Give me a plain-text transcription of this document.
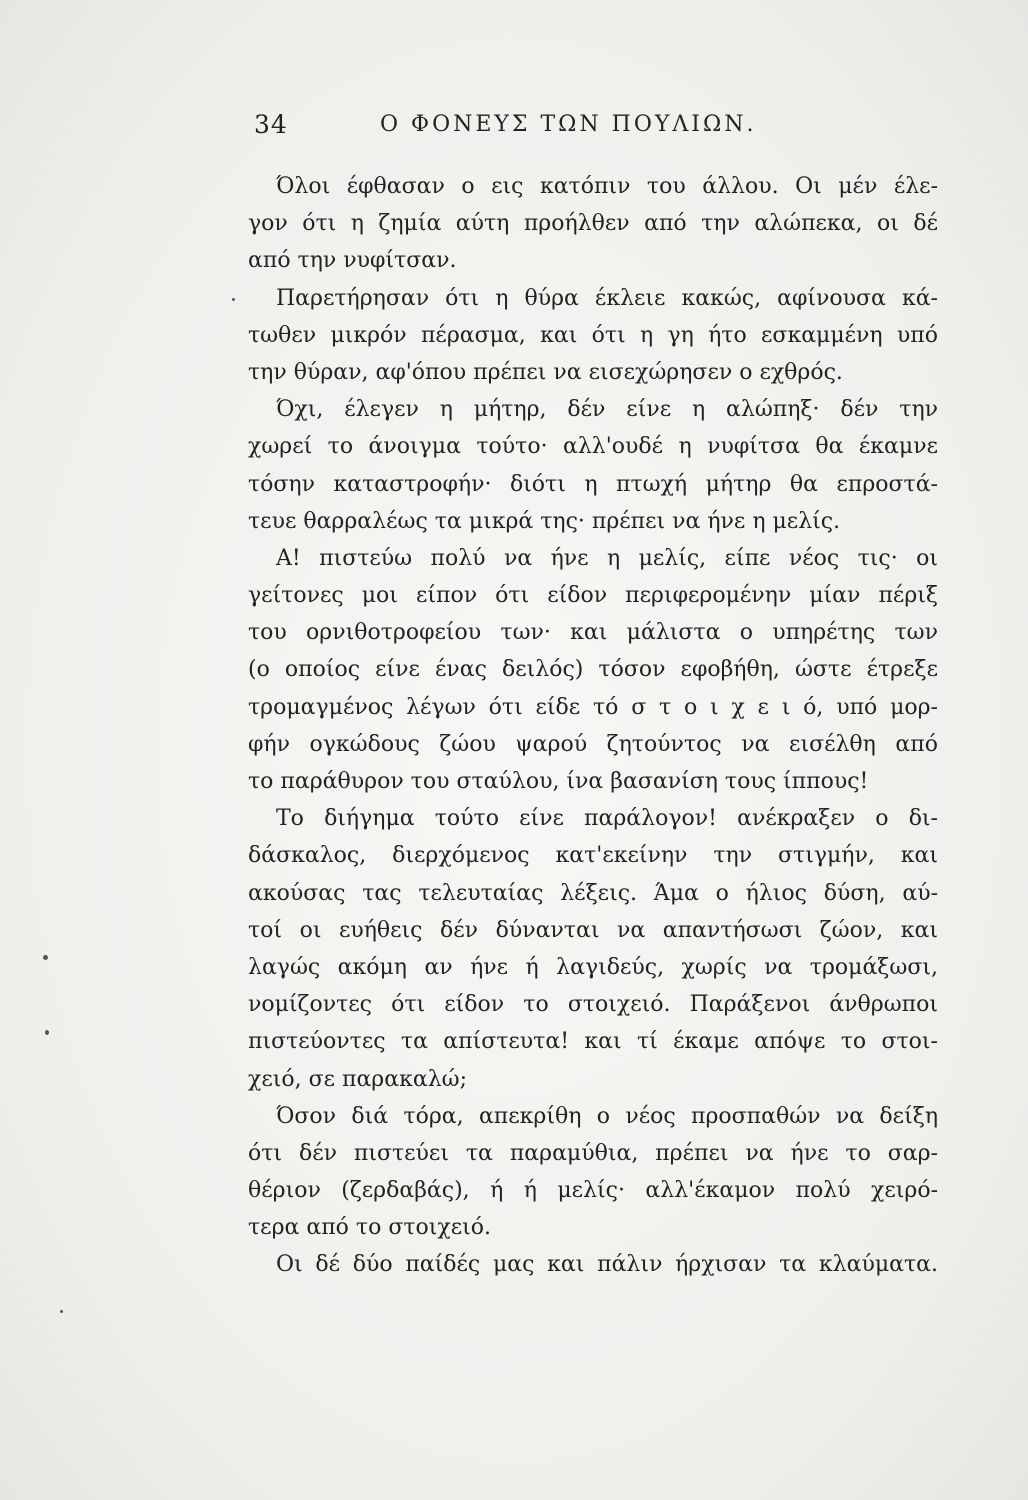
34	Ο ΦΟΝΕΥΣ ΤΩΝ ΠΟΥΛΙΩΝ.
Όλοι έφθασαν ο εις κατόπιν του άλλου. Οι μέν έλε-
γον ότι η ζημία αύτη προήλθεν από την αλώπεκα, οι δέ
από την νυφίτσαν.
Παρετήρησαν ότι η θύρα έκλειε κακώς, αφίνουσα κά-
τωθεν μικρόν πέρασμα, και ότι η γη ήτο εσκαμμένη υπό
την θύραν, αφ'όπου πρέπει να εισεχώρησεν ο εχθρός.
Όχι, έλεγεν η μήτηρ, δέν είνε η αλώπηξ· δέν την
χωρεί το άνοιγμα τούτο· αλλ'ουδέ η νυφίτσα θα έκαμνε
τόσην καταστροφήν· διότι η πτωχή μήτηρ θα επροστά-
τευε θαρραλέως τα μικρά της· πρέπει να ήνε η μελίς.
Α! πιστεύω πολύ να ήνε η μελίς, είπε νέος τις· οι
γείτονες μοι είπον ότι είδον περιφερομένην μίαν πέριξ
του ορνιθοτροφείου των· και μάλιστα ο υπηρέτης των
(ο οποίος είνε ένας δειλός) τόσον εφοβήθη, ώστε έτρεξε
τρομαγμένος λέγων ότι είδε τό σ τ ο ι χ ε ι ό, υπό μορ-
φήν ογκώδους ζώου ψαρού ζητούντος να εισέλθη από
το παράθυρον του σταύλου, ίνα βασανίση τους ίππους!
Το διήγημα τούτο είνε παράλογον! ανέκραξεν ο δι-
δάσκαλος, διερχόμενος κατ'εκείνην την στιγμήν, και
ακούσας τας τελευταίας λέξεις. Άμα ο ήλιος δύση, αύ-
τοί οι ευήθεις δέν δύνανται να απαντήσωσι ζώον, και
λαγώς ακόμη αν ήνε ή λαγιδεύς, χωρίς να τρομάξωσι,
νομίζοντες ότι είδον το στοιχειό. Παράξενοι άνθρωποι
πιστεύοντες τα απίστευτα! και τί έκαμε απόψε το στοι-
χειό, σε παρακαλώ;
Όσον διά τόρα, απεκρίθη ο νέος προσπαθών να δείξη
ότι δέν πιστεύει τα παραμύθια, πρέπει να ήνε το σαρ-
θέριον (ζερδαβάς), ή ή μελίς· αλλ'έκαμον πολύ χειρό-
τερα από το στοιχειό.
Οι δέ δύο παίδές μας και πάλιν ήρχισαν τα κλαύματα.
